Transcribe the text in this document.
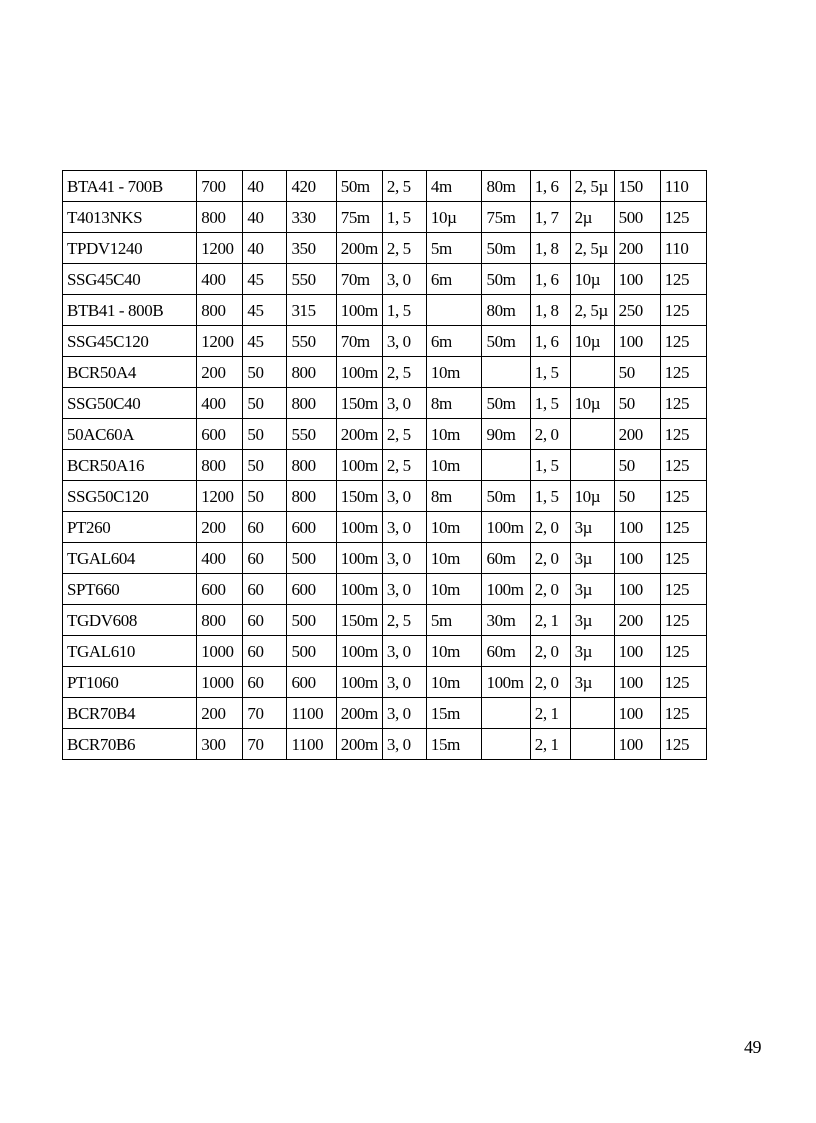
BTA41 - 700B	700	40	420	50m	2, 5	4m	80m	1, 6	2, 5µ	150	110
T4013NKS	800	40	330	75m	1, 5	10µ	75m	1, 7	2µ	500	125
TPDV1240	1200	40	350	200m	2, 5	5m	50m	1, 8	2, 5µ	200	110
SSG45C40	400	45	550	70m	3, 0	6m	50m	1, 6	10µ	100	125
BTB41 - 800B	800	45	315	100m	1, 5		80m	1, 8	2, 5µ	250	125
SSG45C120	1200	45	550	70m	3, 0	6m	50m	1, 6	10µ	100	125
BCR50A4	200	50	800	100m	2, 5	10m		1, 5		50	125
SSG50C40	400	50	800	150m	3, 0	8m	50m	1, 5	10µ	50	125
50AC60A	600	50	550	200m	2, 5	10m	90m	2, 0		200	125
BCR50A16	800	50	800	100m	2, 5	10m		1, 5		50	125
SSG50C120	1200	50	800	150m	3, 0	8m	50m	1, 5	10µ	50	125
PT260	200	60	600	100m	3, 0	10m	100m	2, 0	3µ	100	125
TGAL604	400	60	500	100m	3, 0	10m	60m	2, 0	3µ	100	125
SPT660	600	60	600	100m	3, 0	10m	100m	2, 0	3µ	100	125
TGDV608	800	60	500	150m	2, 5	5m	30m	2, 1	3µ	200	125
TGAL610	1000	60	500	100m	3, 0	10m	60m	2, 0	3µ	100	125
PT1060	1000	60	600	100m	3, 0	10m	100m	2, 0	3µ	100	125
BCR70B4	200	70	1100	200m	3, 0	15m		2, 1		100	125
BCR70B6	300	70	1100	200m	3, 0	15m		2, 1		100	125
49
